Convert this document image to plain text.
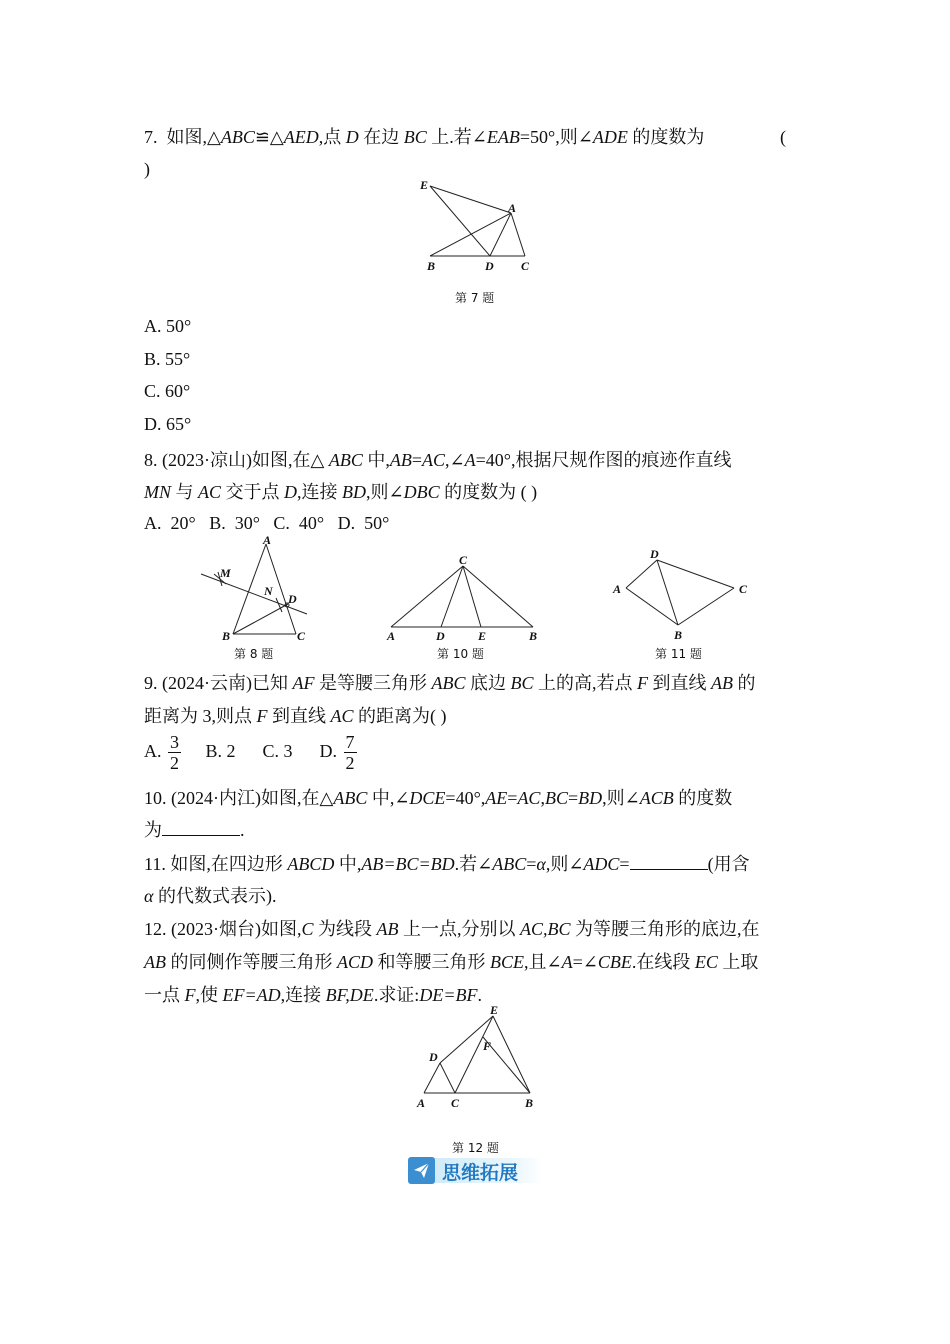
7. 如图,△ABC≌△AED,点 D 在边 BC 上.若∠EAB=50°,则∠ADE 的度数为	(
)
E
A
B	D C
第 7 题
A. 50°
B. 55°
C. 60°
D. 65°
8. (2023·凉山)如图,在△ ABC 中,AB=AC,∠A=40°,根据尺规作图的痕迹作直线
MN 与 AC 交于点 D,连接 BD,则∠DBC 的度数为 ( )
A.  20°   B.  30°   C.  40°   D.  50°
A
M
N
D
B	C
C
A	D	E	B
D
A	C
B
第 8 题	第 10 题	第 11 题
9. (2024·云南)已知 AF 是等腰三角形 ABC 底边 BC 上的高,若点 F 到直线 AB 的
距离为 3,则点 F 到直线 AC 的距离为( )
A. $\frac{3}{2} B$. 2 C. 3 D. $\frac{7}{2}$
10. (2024·内江)如图,在△ABC 中,∠DCE=40°,AE=AC,BC=BD,则∠ACB 的度数
为	.
11. 如图,在四边形 ABCD 中,AB=BC=BD.若∠ABC=α,则∠ADC=	(用含
α 的代数式表示).
12. (2023·烟台)如图,C 为线段 AB 上一点,分别以 AC,BC 为等腰三角形的底边,在
AB 的同侧作等腰三角形 ACD 和等腰三角形 BCE,且∠A=∠CBE.在线段 EC 上取
一点 F,使 EF=AD,连接 BF,DE.求证:DE=BF.
E
D
F
A C	B
第 12 题
思维拓展
